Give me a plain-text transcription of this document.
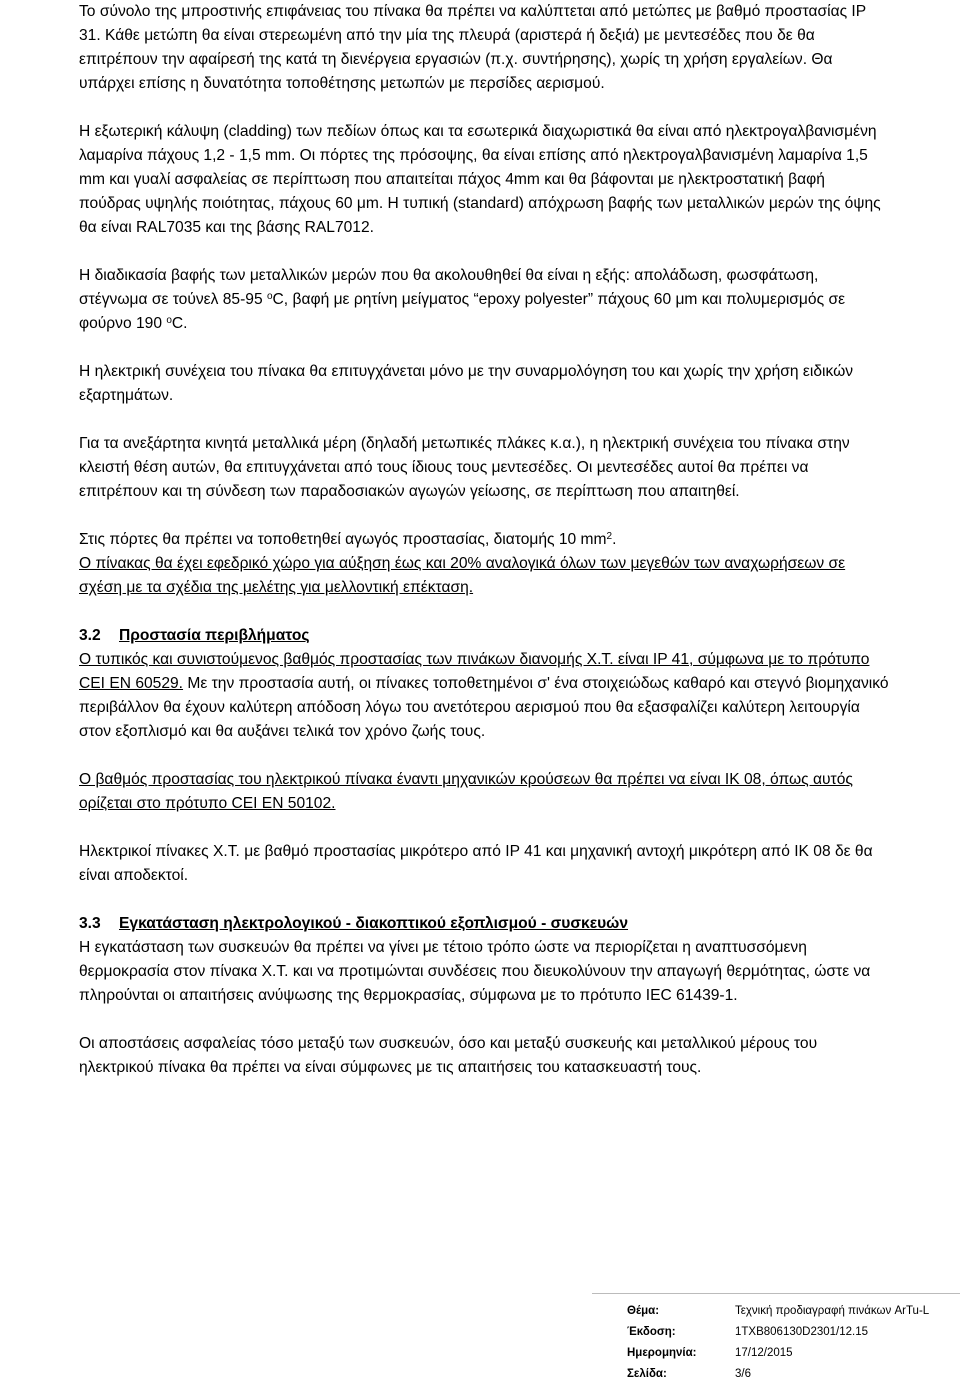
Το σύνολο της μπροστινής επιφάνειας του πίνακα θα πρέπει να καλύπτεται από μετώπες με βαθμό προστασίας IP 31. Κάθε μετώπη θα είναι στερεωμένη από την μία της πλευρά (αριστερά ή δεξιά) με μεντεσέδες που δε θα επιτρέπουν την αφαίρεσή της κατά τη διενέργεια εργασιών (π.χ. συντήρησης), χωρίς τη χρήση εργαλείων. Θα υπάρχει επίσης η δυνατότητα τοποθέτησης μετωπών με περσίδες αερισμού.

Η εξωτερική κάλυψη (cladding) των πεδίων όπως και τα εσωτερικά διαχωριστικά θα είναι από ηλεκτρογαλβανισμένη λαμαρίνα πάχους 1,2 - 1,5 mm. Οι πόρτες της πρόσοψης, θα είναι επίσης από ηλεκτρογαλβανισμένη λαμαρίνα 1,5 mm και γυαλί ασφαλείας σε περίπτωση που απαιτείται πάχος 4mm και θα βάφονται με ηλεκτροστατική βαφή πούδρας υψηλής ποιότητας, πάχους 60 μm. Η τυπική (standard) απόχρωση βαφής των μεταλλικών μερών της όψης θα είναι RAL7035 και της βάσης RAL7012.

Η διαδικασία βαφής των μεταλλικών μερών που θα ακολουθηθεί θα είναι η εξής: απολάδωση, φωσφάτωση, στέγνωμα σε τούνελ 85-95 $^o$C, βαφή με ρητίνη μείγματος “epoxy polyester” πάχους 60 μm και πολυμερισμός σε φούρνο 190 $^o$C.

Η ηλεκτρική συνέχεια του πίνακα θα επιτυγχάνεται μόνο με την συναρμολόγηση του και χωρίς την χρήση ειδικών εξαρτημάτων.

Για τα ανεξάρτητα κινητά μεταλλικά μέρη (δηλαδή μετωπικές πλάκες κ.α.), η ηλεκτρική συνέχεια του πίνακα στην κλειστή θέση αυτών, θα επιτυγχάνεται από τους ίδιους τους μεντεσέδες. Οι μεντεσέδες αυτοί θα πρέπει να επιτρέπουν και τη σύνδεση των παραδοσιακών αγωγών γείωσης, σε περίπτωση που απαιτηθεί.

Στις πόρτες θα πρέπει να τοποθετηθεί αγωγός προστασίας, διατομής 10 $mm^2$.

Ο πίνακας θα έχει εφεδρικό χώρο για αύξηση έως και 20% αναλογικά όλων των μεγεθών των αναχωρήσεων σε σχέση με τα σχέδια της μελέτης για μελλοντική επέκταση.

3.2 Προστασία περιβλήματος

Ο τυπικός και συνιστούμενος βαθμός προστασίας των πινάκων διανομής Χ.Τ. είναι IP 41, σύμφωνα με το πρότυπο CEI EN 60529. Με την προστασία αυτή, οι πίνακες τοποθετημένοι σ' ένα στοιχειώδως καθαρό και στεγνό βιομηχανικό περιβάλλον θα έχουν καλύτερη απόδοση λόγω του ανετότερου αερισμού που θα εξασφαλίζει καλύτερη λειτουργία στον εξοπλισμό και θα αυξάνει τελικά τον χρόνο ζωής τους.

Ο βαθμός προστασίας του ηλεκτρικού πίνακα έναντι μηχανικών κρούσεων θα πρέπει να είναι IK 08, όπως αυτός ορίζεται στο πρότυπο CEI EN 50102.

Ηλεκτρικοί πίνακες Χ.Τ. με βαθμό προστασίας μικρότερο από IP 41 και μηχανική αντοχή μικρότερη από IK 08 δε θα είναι αποδεκτοί.

3.3 Εγκατάσταση ηλεκτρολογικού - διακοπτικού εξοπλισμού - συσκευών

Η εγκατάσταση των συσκευών θα πρέπει να γίνει με τέτοιο τρόπο ώστε να περιορίζεται η αναπτυσσόμενη θερμοκρασία στον πίνακα Χ.Τ. και να προτιμώνται συνδέσεις που διευκολύνουν την απαγωγή θερμότητας, ώστε να πληρούνται οι απαιτήσεις ανύψωσης της θερμοκρασίας, σύμφωνα με το πρότυπο IEC 61439-1.

Οι αποστάσεις ασφαλείας τόσο μεταξύ των συσκευών, όσο και μεταξύ συσκευής και μεταλλικού μέρους του ηλεκτρικού πίνακα θα πρέπει να είναι σύμφωνες με τις απαιτήσεις του κατασκευαστή τους.

Θέμα:	Τεχνική προδιαγραφή πινάκων ArTu-L
Έκδοση:	1TXB806130D2301/12.15
Ημερομηνία:	17/12/2015
Σελίδα:	3/6
